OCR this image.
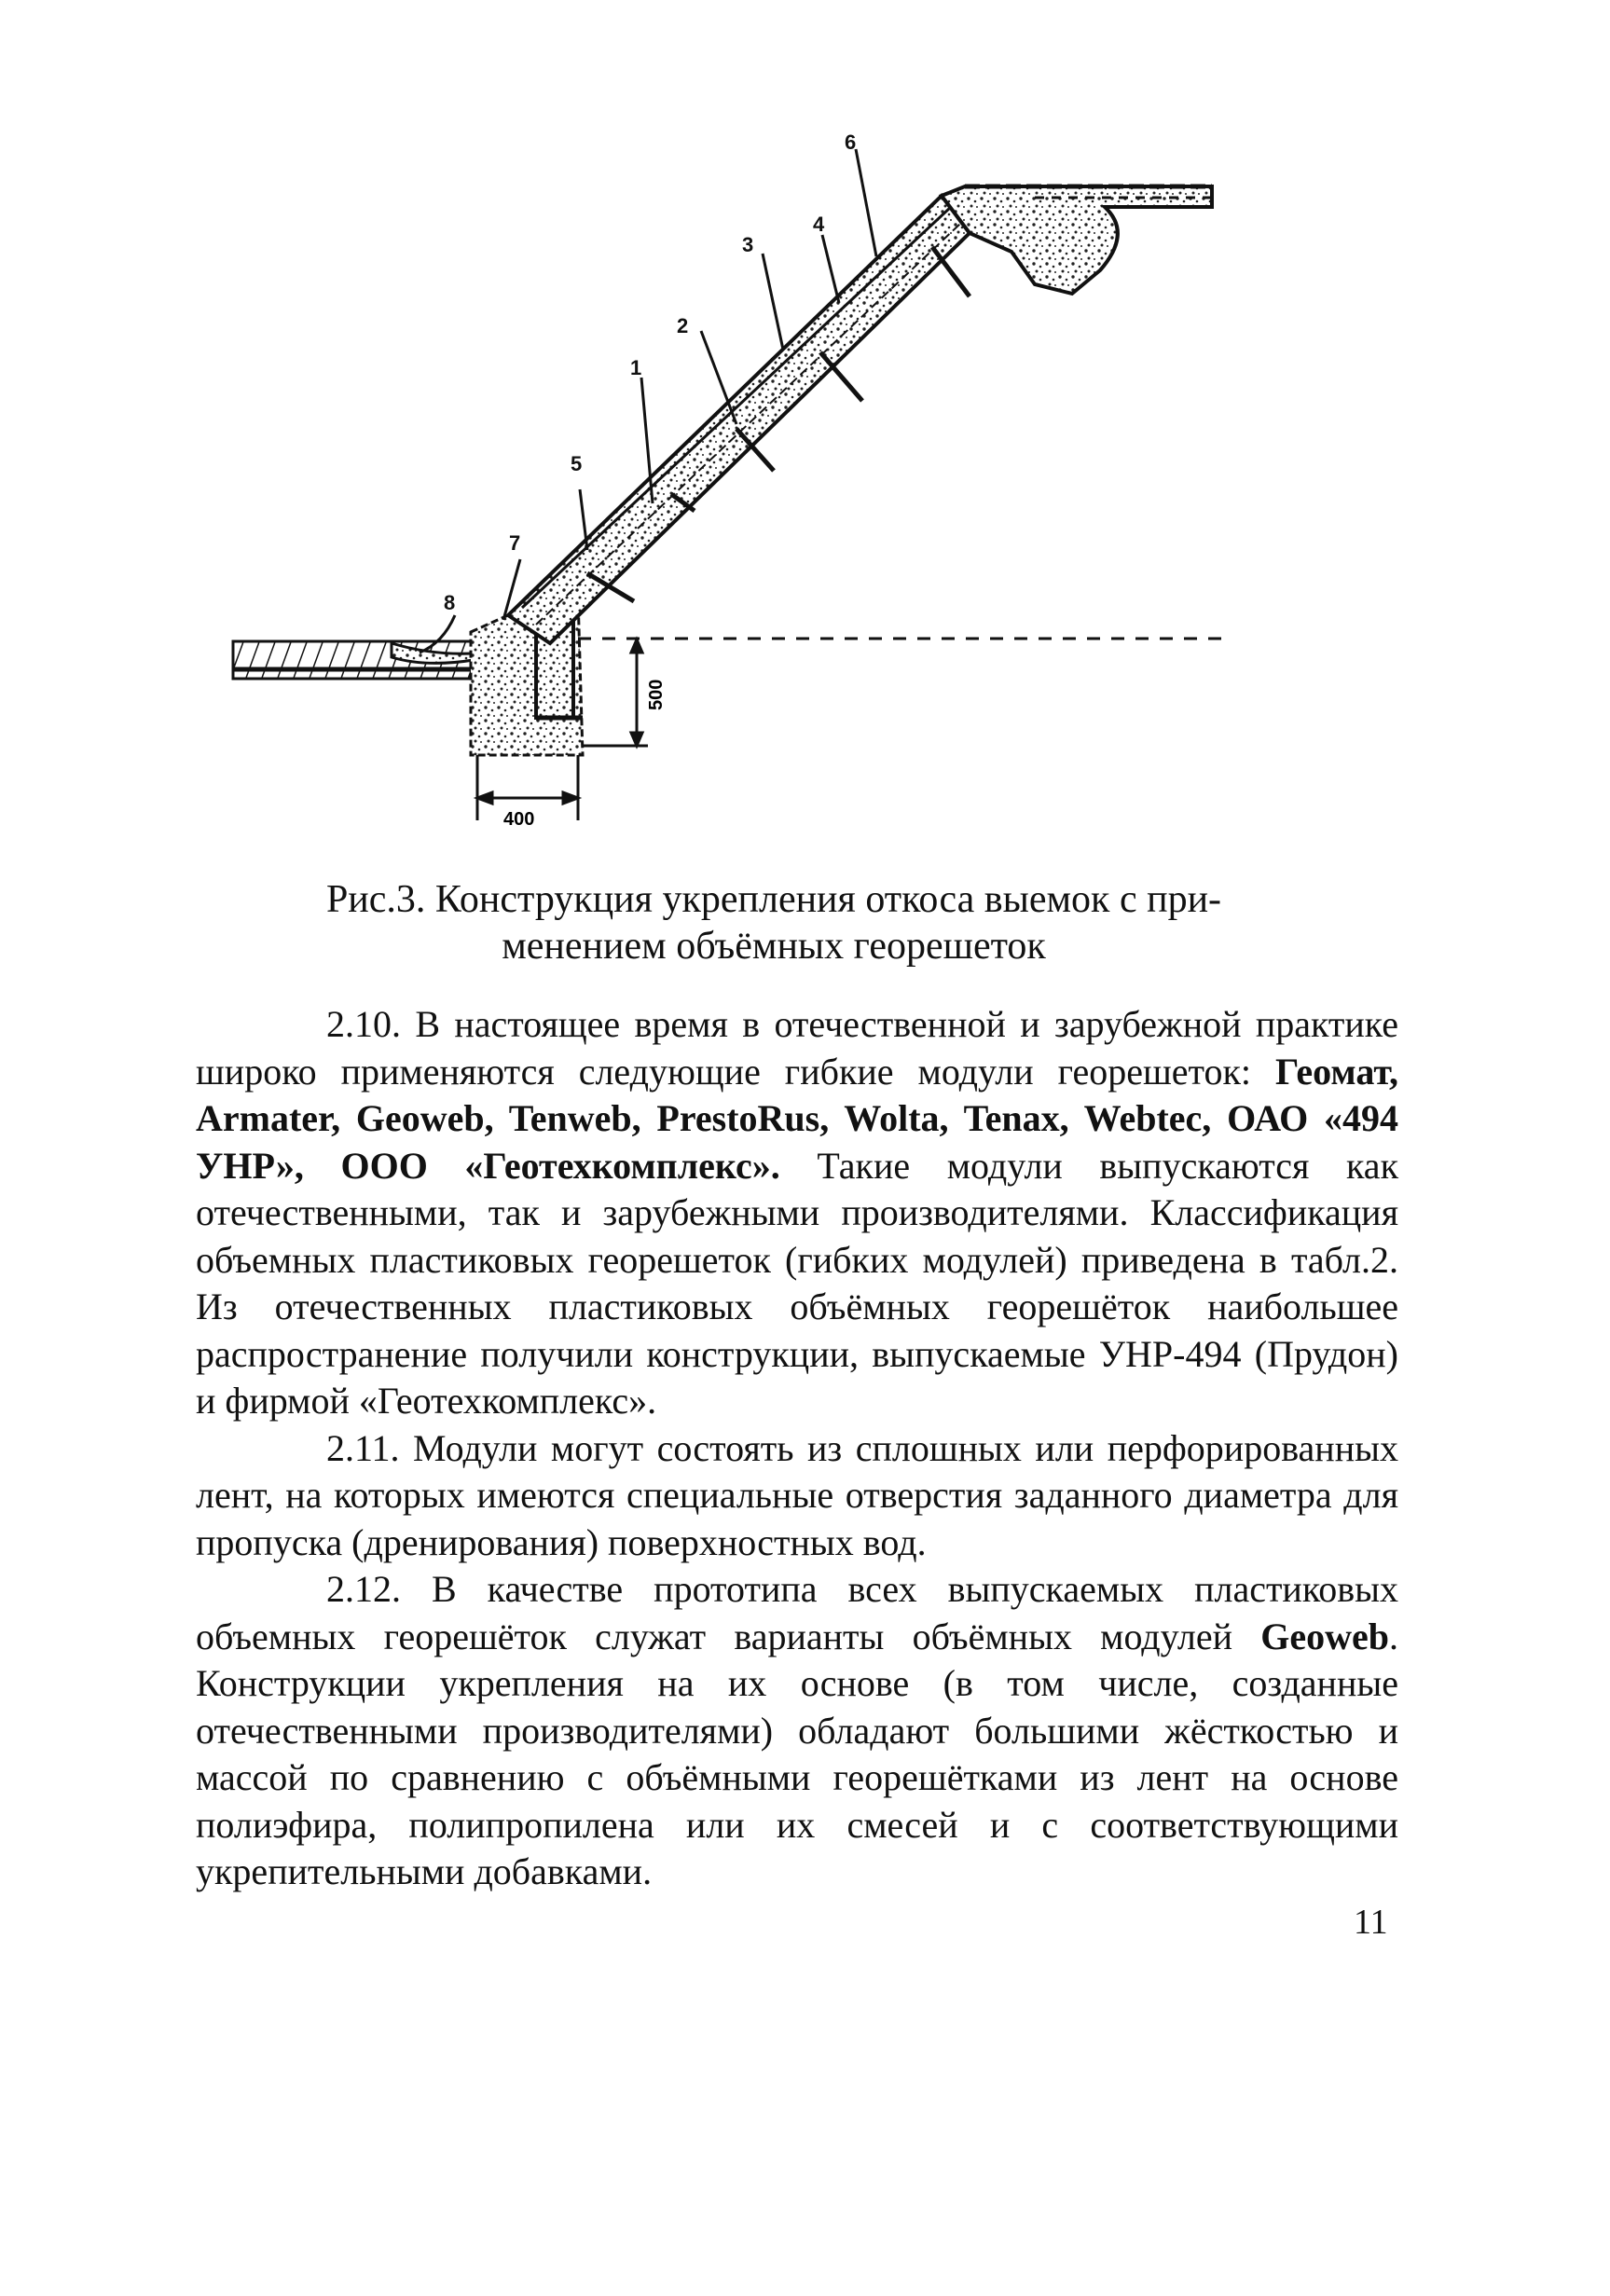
500
400
1
2
3
4
5
6
7
8
Рис.3. Конструкция укрепления откоса выемок с при-
менением объёмных георешеток

2.10. В настоящее время в отечественной и зарубежной практике широко применяются следующие гибкие модули георешеток: Геомат, Armater, Geoweb, Tenweb, PrestoRus, Wolta, Tenax, Webtec, ОАО «494 УНР», ООО «Геотехкомплекс». Такие модули выпускаются как отечественными, так и зарубежными производителями. Классификация объемных пластиковых георешеток (гибких модулей) приведена в табл.2. Из отечественных пластиковых объёмных георешёток наибольшее распространение получили конструкции, выпускаемые УНР-494 (Прудон) и фирмой «Геотехкомплекс».

2.11. Модули могут состоять из сплошных или перфорированных лент, на которых имеются специальные отверстия заданного диаметра для пропуска (дренирования) поверхностных вод.

2.12. В качестве прототипа всех выпускаемых пластиковых объемных георешёток служат варианты объёмных модулей Geoweb. Конструкции укрепления на их основе (в том числе, созданные отечественными производителями) обладают большими жёсткостью и массой по сравнению с объёмными георешётками из лент на основе полиэфира, полипропилена или их смесей и с соответствующими укрепительными добавками.

11
